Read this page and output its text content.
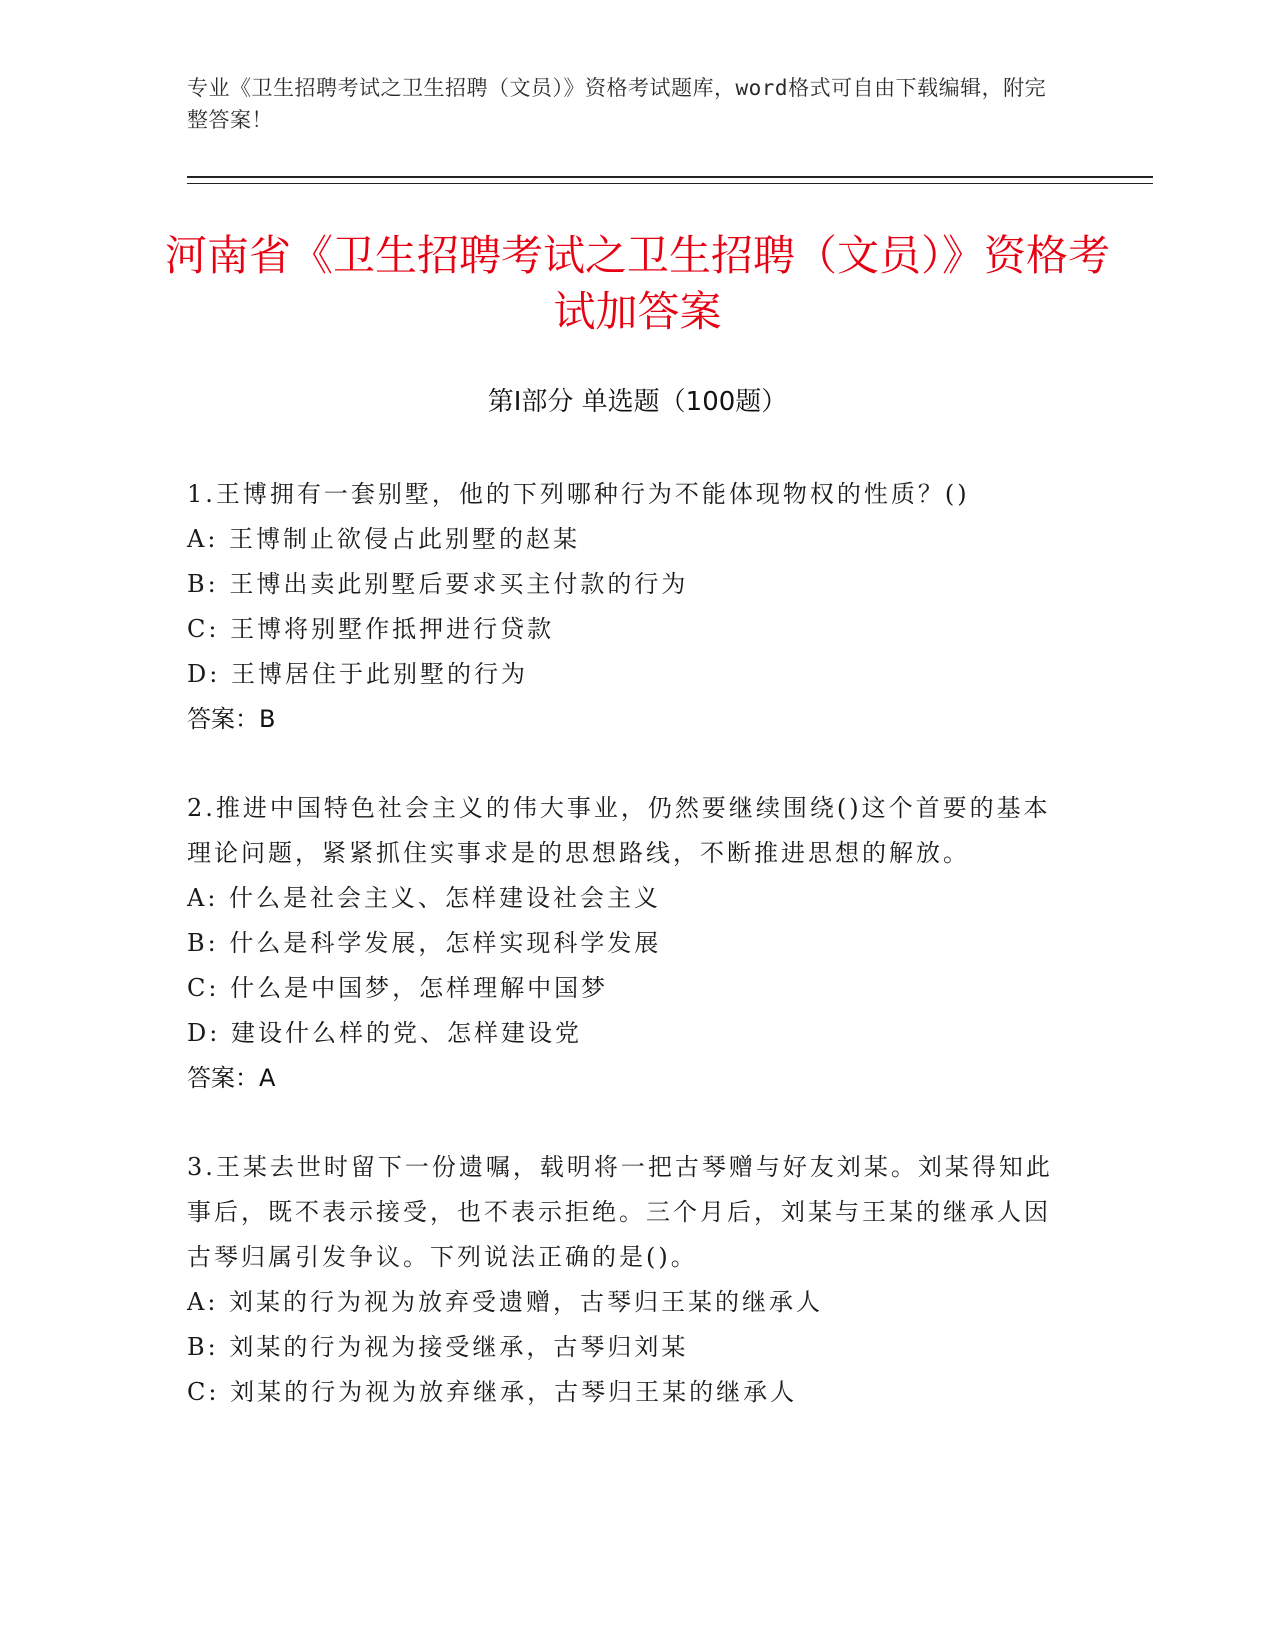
专业《卫生招聘考试之卫生招聘（文员）》资格考试题库，word格式可自由下载编辑，附完整答案！
河南省《卫生招聘考试之卫生招聘（文员）》资格考试加答案
第Ⅰ部分 单选题（100题）
1.王博拥有一套别墅，他的下列哪种行为不能体现物权的性质？()
A: 王博制止欲侵占此别墅的赵某
B: 王博出卖此别墅后要求买主付款的行为
C: 王博将别墅作抵押进行贷款
D: 王博居住于此别墅的行为
答案：B
2.推进中国特色社会主义的伟大事业，仍然要继续围绕()这个首要的基本理论问题，紧紧抓住实事求是的思想路线，不断推进思想的解放。
A: 什么是社会主义、怎样建设社会主义
B: 什么是科学发展，怎样实现科学发展
C: 什么是中国梦，怎样理解中国梦
D: 建设什么样的党、怎样建设党
答案：A
3.王某去世时留下一份遗嘱，载明将一把古琴赠与好友刘某。刘某得知此事后，既不表示接受，也不表示拒绝。三个月后，刘某与王某的继承人因古琴归属引发争议。下列说法正确的是()。
A: 刘某的行为视为放弃受遗赠，古琴归王某的继承人
B: 刘某的行为视为接受继承，古琴归刘某
C: 刘某的行为视为放弃继承，古琴归王某的继承人
